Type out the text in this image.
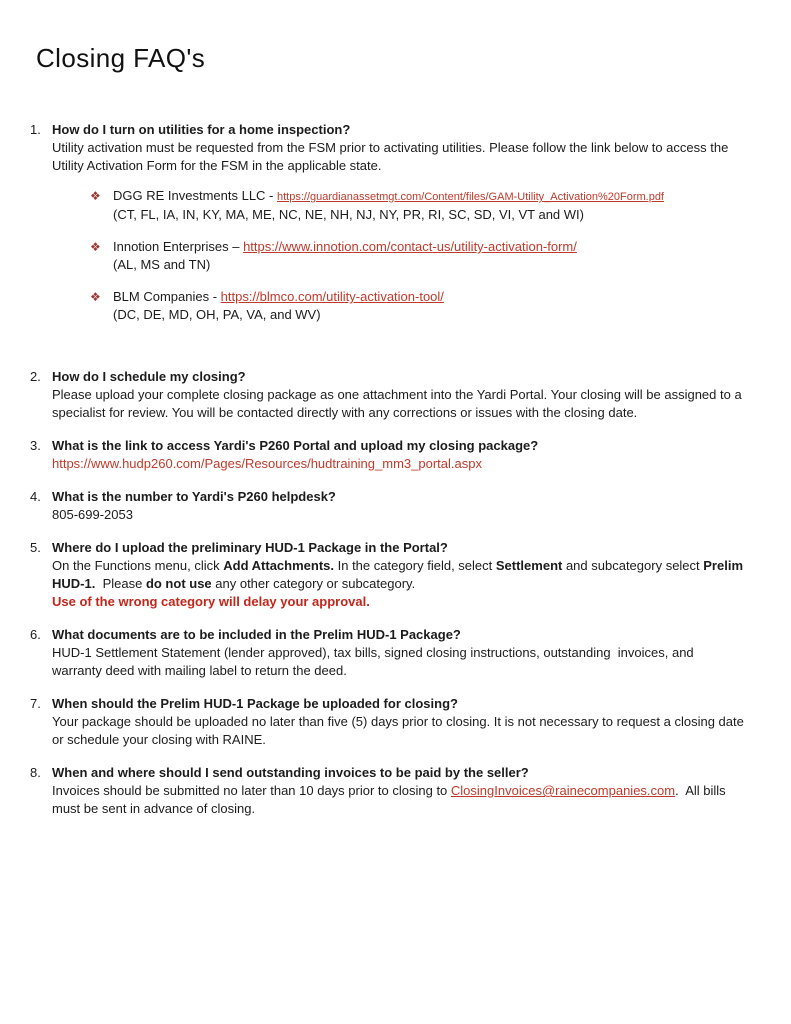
Closing FAQ's
1. How do I turn on utilities for a home inspection?
Utility activation must be requested from the FSM prior to activating utilities. Please follow the link below to access the Utility Activation Form for the FSM in the applicable state.
❖ DGG RE Investments LLC - https://guardianassetmgt.com/Content/files/GAM-Utility_Activation%20Form.pdf
(CT, FL, IA, IN, KY, MA, ME, NC, NE, NH, NJ, NY, PR, RI, SC, SD, VI, VT and WI)
❖ Innotion Enterprises – https://www.innotion.com/contact-us/utility-activation-form/
(AL, MS and TN)
❖ BLM Companies - https://blmco.com/utility-activation-tool/
(DC, DE, MD, OH, PA, VA, and WV)
2. How do I schedule my closing?
Please upload your complete closing package as one attachment into the Yardi Portal. Your closing will be assigned to a specialist for review. You will be contacted directly with any corrections or issues with the closing date.
3. What is the link to access Yardi's P260 Portal and upload my closing package?
https://www.hudp260.com/Pages/Resources/hudtraining_mm3_portal.aspx
4. What is the number to Yardi's P260 helpdesk?
805-699-2053
5. Where do I upload the preliminary HUD-1 Package in the Portal?
On the Functions menu, click Add Attachments. In the category field, select Settlement and subcategory select Prelim HUD-1.  Please do not use any other category or subcategory.
Use of the wrong category will delay your approval.
6. What documents are to be included in the Prelim HUD-1 Package?
HUD-1 Settlement Statement (lender approved), tax bills, signed closing instructions, outstanding  invoices, and warranty deed with mailing label to return the deed.
7. When should the Prelim HUD-1 Package be uploaded for closing?
Your package should be uploaded no later than five (5) days prior to closing. It is not necessary to request a closing date or schedule your closing with RAINE.
8. When and where should I send outstanding invoices to be paid by the seller?
Invoices should be submitted no later than 10 days prior to closing to ClosingInvoices@rainecompanies.com.  All bills must be sent in advance of closing.
